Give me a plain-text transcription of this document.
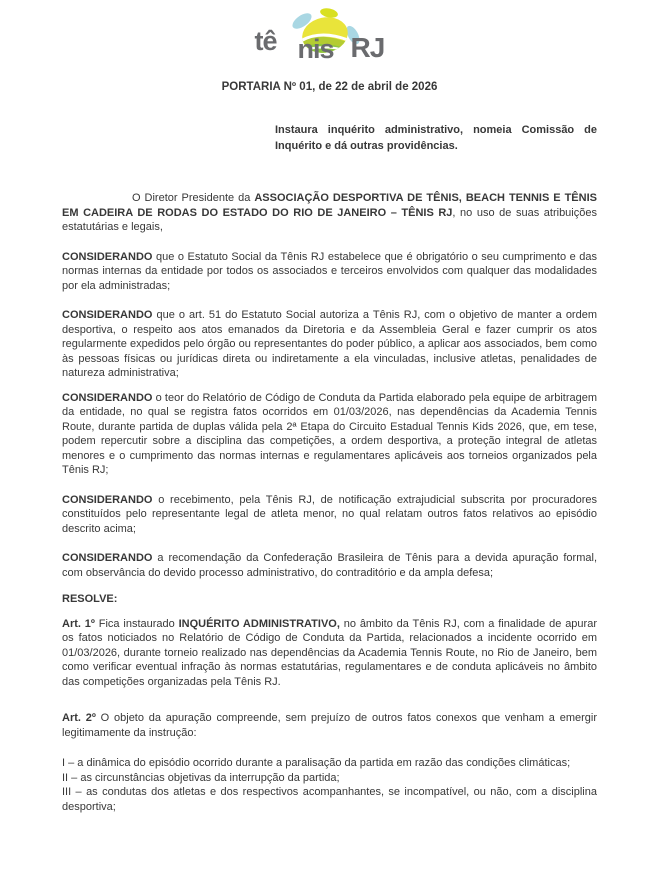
tê nis RJ
PORTARIA Nº 01, de 22 de abril de 2026
Instaura inquérito administrativo, nomeia Comissão de Inquérito e dá outras providências.

O Diretor Presidente da ASSOCIAÇÃO DESPORTIVA DE TÊNIS, BEACH TENNIS E TÊNIS EM CADEIRA DE RODAS DO ESTADO DO RIO DE JANEIRO – TÊNIS RJ, no uso de suas atribuições estatutárias e legais,

CONSIDERANDO que o Estatuto Social da Tênis RJ estabelece que é obrigatório o seu cumprimento e das normas internas da entidade por todos os associados e terceiros envolvidos com qualquer das modalidades por ela administradas;

CONSIDERANDO que o art. 51 do Estatuto Social autoriza a Tênis RJ, com o objetivo de manter a ordem desportiva, o respeito aos atos emanados da Diretoria e da Assembleia Geral e fazer cumprir os atos regularmente expedidos pelo órgão ou representantes do poder público, a aplicar aos associados, bem como às pessoas físicas ou jurídicas direta ou indiretamente a ela vinculadas, inclusive atletas, penalidades de natureza administrativa;

CONSIDERANDO o teor do Relatório de Código de Conduta da Partida elaborado pela equipe de arbitragem da entidade, no qual se registra fatos ocorridos em 01/03/2026, nas dependências da Academia Tennis Route, durante partida de duplas válida pela 2ª Etapa do Circuito Estadual Tennis Kids 2026, que, em tese, podem repercutir sobre a disciplina das competições, a ordem desportiva, a proteção integral de atletas menores e o cumprimento das normas internas e regulamentares aplicáveis aos torneios organizados pela Tênis RJ;

CONSIDERANDO o recebimento, pela Tênis RJ, de notificação extrajudicial subscrita por procuradores constituídos pelo representante legal de atleta menor, no qual relatam outros fatos relativos ao episódio descrito acima;

CONSIDERANDO a recomendação da Confederação Brasileira de Tênis para a devida apuração formal, com observância do devido processo administrativo, do contraditório e da ampla defesa;

RESOLVE:

Art. 1º Fica instaurado INQUÉRITO ADMINISTRATIVO, no âmbito da Tênis RJ, com a finalidade de apurar os fatos noticiados no Relatório de Código de Conduta da Partida, relacionados a incidente ocorrido em 01/03/2026, durante torneio realizado nas dependências da Academia Tennis Route, no Rio de Janeiro, bem como verificar eventual infração às normas estatutárias, regulamentares e de conduta aplicáveis no âmbito das competições organizadas pela Tênis RJ.

Art. 2º O objeto da apuração compreende, sem prejuízo de outros fatos conexos que venham a emergir legitimamente da instrução:

I – a dinâmica do episódio ocorrido durante a paralisação da partida em razão das condições climáticas;
II – as circunstâncias objetivas da interrupção da partida;
III – as condutas dos atletas e dos respectivos acompanhantes, se incompatível, ou não, com a disciplina desportiva;
